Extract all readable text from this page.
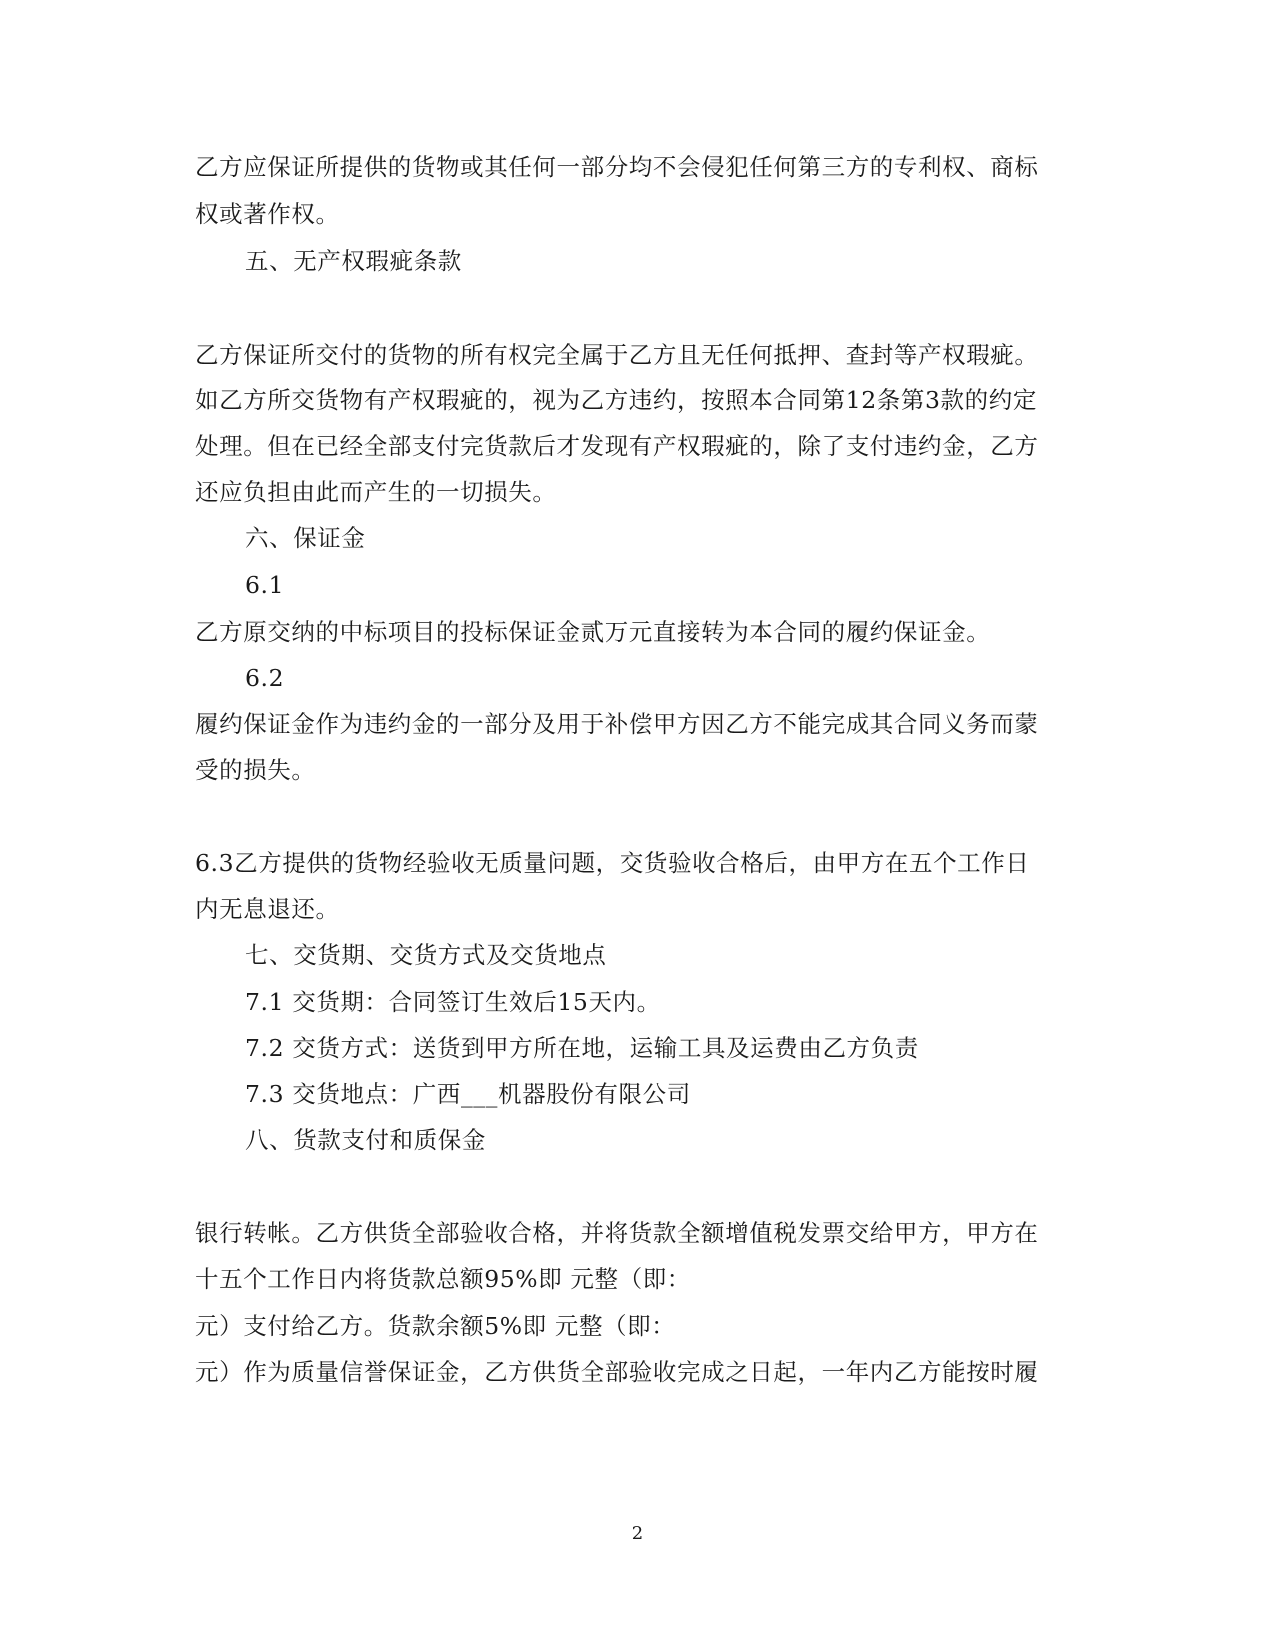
乙方应保证所提供的货物或其任何一部分均不会侵犯任何第三方的专利权、商标
权或著作权。
五、无产权瑕疵条款
乙方保证所交付的货物的所有权完全属于乙方且无任何抵押、查封等产权瑕疵。
如乙方所交货物有产权瑕疵的，视为乙方违约，按照本合同第12条第3款的约定
处理。但在已经全部支付完货款后才发现有产权瑕疵的，除了支付违约金，乙方
还应负担由此而产生的一切损失。
六、保证金
6.1
乙方原交纳的中标项目的投标保证金贰万元直接转为本合同的履约保证金。
6.2
履约保证金作为违约金的一部分及用于补偿甲方因乙方不能完成其合同义务而蒙
受的损失。
6.3乙方提供的货物经验收无质量问题，交货验收合格后，由甲方在五个工作日
内无息退还。
七、交货期、交货方式及交货地点
7.1 交货期：合同签订生效后15天内。
7.2 交货方式：送货到甲方所在地，运输工具及运费由乙方负责
7.3 交货地点：广西___机器股份有限公司
八、货款支付和质保金
银行转帐。乙方供货全部验收合格，并将货款全额增值税发票交给甲方，甲方在
十五个工作日内将货款总额95%即 元整（即：
元）支付给乙方。货款余额5%即 元整（即：
元）作为质量信誉保证金，乙方供货全部验收完成之日起，一年内乙方能按时履
2
